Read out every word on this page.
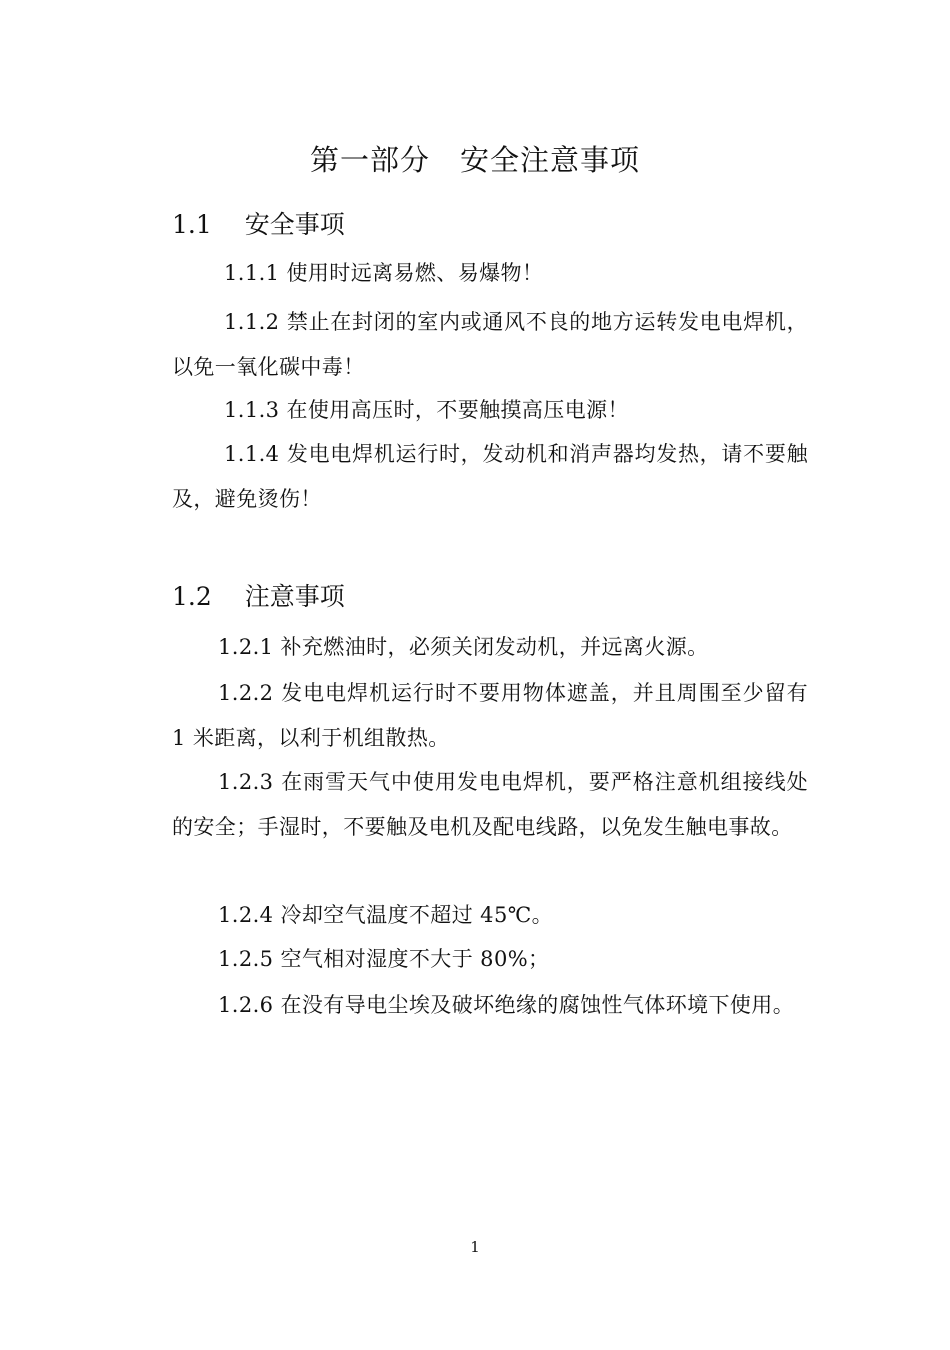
第一部分　安全注意事项
1.1　 安全事项
1.1.1 使用时远离易燃、易爆物！
1.1.2 禁止在封闭的室内或通风不良的地方运转发电电焊机，以免一氧化碳中毒！
1.1.3 在使用高压时，不要触摸高压电源！
1.1.4 发电电焊机运行时，发动机和消声器均发热，请不要触及，避免烫伤！
1.2　 注意事项
1.2.1 补充燃油时，必须关闭发动机，并远离火源。
1.2.2 发电电焊机运行时不要用物体遮盖，并且周围至少留有 1 米距离，以利于机组散热。
1.2.3 在雨雪天气中使用发电电焊机，要严格注意机组接线处的安全；手湿时，不要触及电机及配电线路，以免发生触电事故。
1.2.4 冷却空气温度不超过 45℃。
1.2.5 空气相对湿度不大于 80%；
1.2.6 在没有导电尘埃及破坏绝缘的腐蚀性气体环境下使用。
1
